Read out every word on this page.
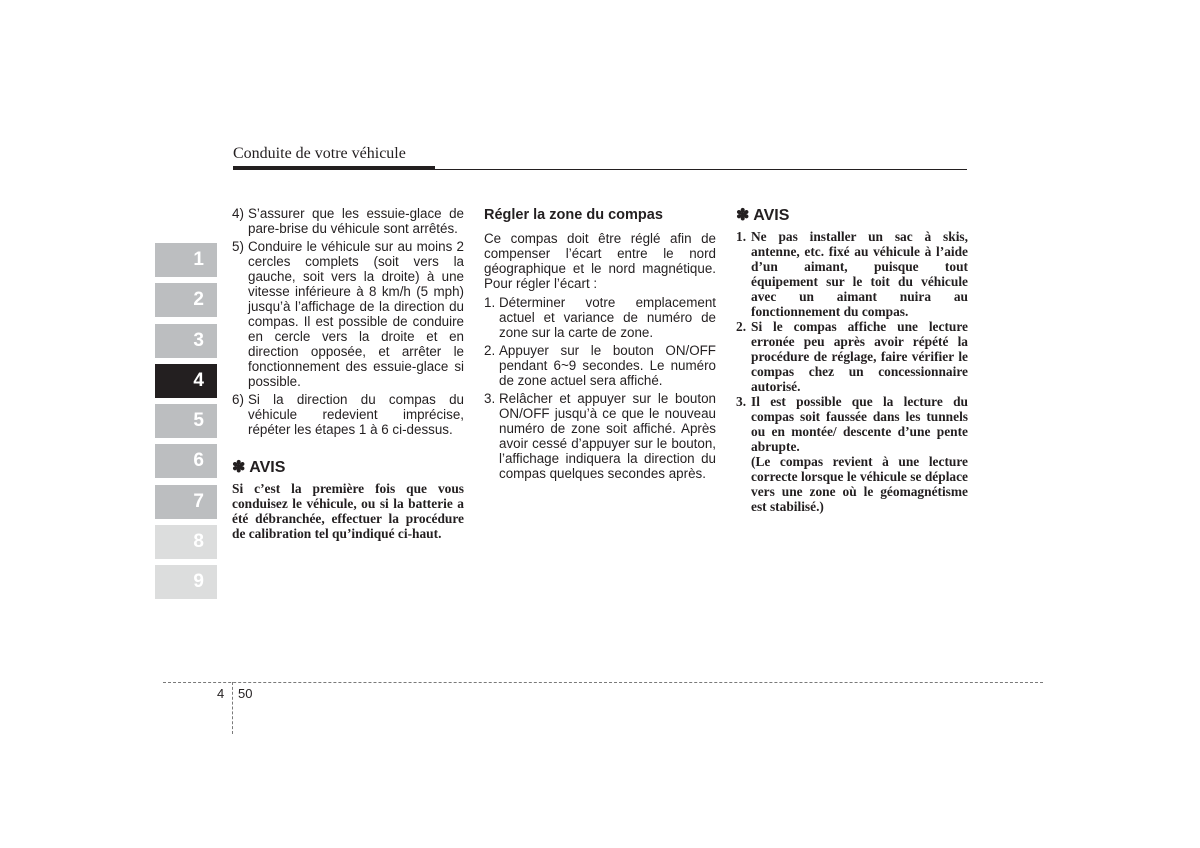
Conduite de votre véhicule
1
2
3
4
5
6
7
8
9
4) S’assurer que les essuie-glace de pare-brise du véhicule sont arrêtés.
5) Conduire le véhicule sur au moins 2 cercles complets (soit vers la gauche, soit vers la droite) à une vitesse inférieure à 8 km/h (5 mph) jusqu’à l’affichage de la direction du compas. Il est possible de conduire en cercle vers la droite et en direction opposée, et arrêter le fonctionnement des essuie-glace si possible.
6) Si la direction du compas du véhicule redevient imprécise, répéter les étapes 1 à 6 ci-dessus.
✽ AVIS
Si c’est la première fois que vous conduisez le véhicule, ou si la batterie a été débranchée, effectuer la procédure de calibration tel qu’indiqué ci-haut.
Régler la zone du compas

Ce compas doit être réglé afin de compenser l’écart entre le nord géographique et le nord magnétique. Pour régler l’écart :

1. Déterminer votre emplacement actuel et variance de numéro de zone sur la carte de zone.
2. Appuyer sur le bouton ON/OFF pendant 6~9 secondes. Le numéro de zone actuel sera affiché.
3. Relâcher et appuyer sur le bouton ON/OFF jusqu’à ce que le nouveau numéro de zone soit affiché. Après avoir cessé d’appuyer sur le bouton, l’affichage indiquera la direction du compas quelques secondes après.
✽ AVIS
1. Ne pas installer un sac à skis, antenne, etc. fixé au véhicule à l’aide d’un aimant, puisque tout équipement sur le toit du véhicule avec un aimant nuira au fonctionnement du compas.
2. Si le compas affiche une lecture erronée peu après avoir répété la procédure de réglage, faire vérifier le compas chez un concessionnaire autorisé.
3. Il est possible que la lecture du compas soit faussée dans les tunnels ou en montée/ descente d’une pente abrupte.
(Le compas revient à une lecture correcte lorsque le véhicule se déplace vers une zone où le géomagnétisme est stabilisé.)
4 50
